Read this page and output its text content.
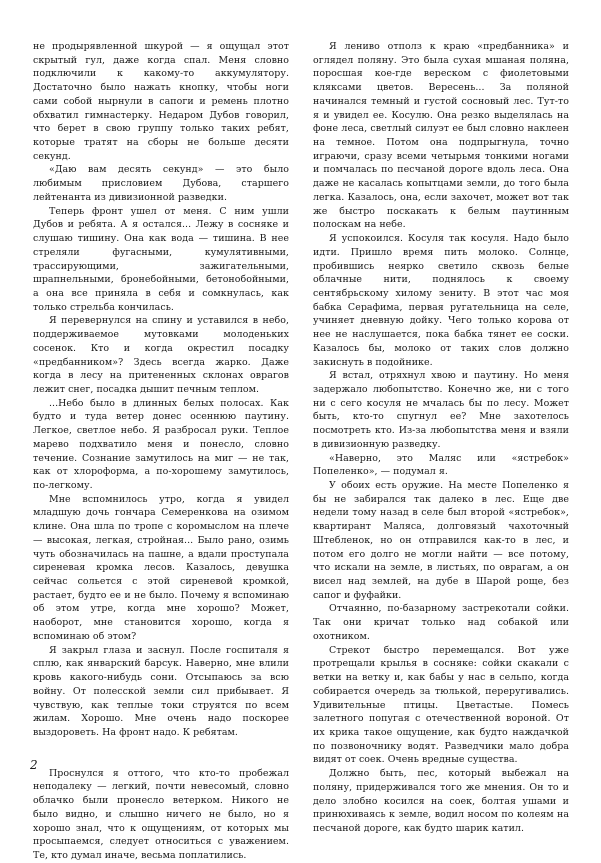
не продырявленной шкурой — я ощущал этот скрытый гул, даже когда спал. Меня словно подключили к какому-то аккумулятору. Достаточно было нажать кнопку, чтобы ноги сами собой нырнули в сапоги и ремень плотно обхватил гимнастерку. Недаром Дубов говорил, что берет в свою группу только таких ребят, которые тратят на сборы не больше десяти секунд.

«Даю вам десять секунд» — это было любимым присловием Дубова, старшего лейтенанта из дивизионной разведки.

Теперь фронт ушел от меня. С ним ушли Дубов и ребята. А я остался... Лежу в сосняке и слушаю тишину. Она как вода — тишина. В нее стреляли фугасными, кумулятивными, трассирующими, зажигательными, шрапнельными, бронебойными, бетонобойными, а она все приняла в себя и сомкнулась, как только стрельба кончилась.

Я перевернулся на спину и уставился в небо, поддерживаемое мутовками молоденьких сосенок. Кто и когда окрестил посадку «предбанником»? Здесь всегда жарко. Даже когда в лесу на притененных склонах оврагов лежит снег, посадка дышит печным теплом.

...Небо было в длинных белых полосах. Как будто и туда ветер донес осеннюю паутину. Легкое, светлое небо. Я разбросал руки. Теплое марево подхватило меня и понесло, словно течение. Сознание замутилось на миг — не так, как от хлороформа, а по-хорошему замутилось, по-легкому.

Мне вспомнилось утро, когда я увидел младшую дочь гончара Семеренкова на озимом клине. Она шла по тропе с коромыслом на плече — высокая, легкая, стройная... Было рано, озимь чуть обозначилась на пашне, а вдали проступала сиреневая кромка лесов. Казалось, девушка сейчас сольется с этой сиреневой кромкой, растает, будто ее и не было. Почему я вспоминаю об этом утре, когда мне хорошо? Может, наоборот, мне становится хорошо, когда я вспоминаю об этом?

Я закрыл глаза и заснул. После госпиталя я сплю, как январский барсук. Наверно, мне влили кровь какого-нибудь сони. Отсыпаюсь за всю войну. От полесской земли сил прибывает. Я чувствую, как теплые токи струятся по всем жилам. Хорошо. Мне очень надо поскорее выздороветь. На фронт надо. К ребятам.

Проснулся я оттого, что кто-то пробежал неподалеку — легкий, почти невесомый, словно облачко были пронесло ветерком. Никого не было видно, и слышно ничего не было, но я хорошо знал, что к ощущениям, от которых мы просыпаемся, следует относиться с уважением. Те, кто думал иначе, весьма поплатились.

Я лениво отполз к краю «предбанника» и оглядел поляну. Это была сухая мшаная поляна, поросшая кое-где вереском с фиолетовыми кляксами цветов. Вересень... За поляной начинался темный и густой сосновый лес. Тут-то я и увидел ее. Косулю. Она резко выделялась на фоне леса, светлый силуэт ее был словно наклеен на темное. Потом она подпрыгнула, точно играючи, сразу всеми четырьмя тонкими ногами и помчалась по песчаной дороге вдоль леса. Она даже не касалась копытцами земли, до того была легка. Казалось, она, если захочет, может вот так же быстро поскакать к белым паутинным полоскам на небе.

Я успокоился. Косуля так косуля. Надо было идти. Пришло время пить молоко. Солнце, пробившись неярко светило сквозь белые облачные нити, поднялось к своему сентябрьскому хилому зениту. В этот час моя бабка Серафима, первая ругательница на селе, учиняет дневную дойку. Чего только корова от нее не наслушается, пока бабка тянет ее соски. Казалось бы, молоко от таких слов должно закиснуть в подойнике.

Я встал, отряхнул хвою и паутину. Но меня задержало любопытство. Конечно же, ни с того ни с сего косуля не мчалась бы по лесу. Может быть, кто-то спугнул ее? Мне захотелось посмотреть кто. Из-за любопытства меня и взяли в дивизионную разведку.

«Наверно, это Маляс или «ястребок» Попеленко», — подумал я.

У обоих есть оружие. На месте Попеленко я бы не забирался так далеко в лес. Еще две недели тому назад в селе был второй «ястребок», квартирант Маляса, долговязый чахоточный Штебленок, но он отправился как-то в лес, и потом его долго не могли найти — все потому, что искали на земле, в листьях, по оврагам, а он висел над землей, на дубе в Шарой роще, без сапог и фуфайки.

Отчаянно, по-базарному застрекотали сойки. Так они кричат только над собакой или охотником.

Стрекот быстро перемещался. Вот уже протрещали крылья в сосняке: сойки скакали с ветки на ветку и, как бабы у нас в сельпо, когда собирается очередь за тюлькой, переругивались. Удивительные птицы. Цветастые. Помесь залетного попугая с отечественной вороной. От их крика такое ощущение, как будто наждачкой по позвоночнику водят. Разведчики мало добра видят от соек. Очень вредные существа.

Должно быть, пес, который выбежал на поляну, придерживался того же мнения. Он то и дело злобно косился на соек, болтая ушами и принюхиваясь к земле, водил носом по колеям на песчаной дороге, как будто шарик катил.

2
